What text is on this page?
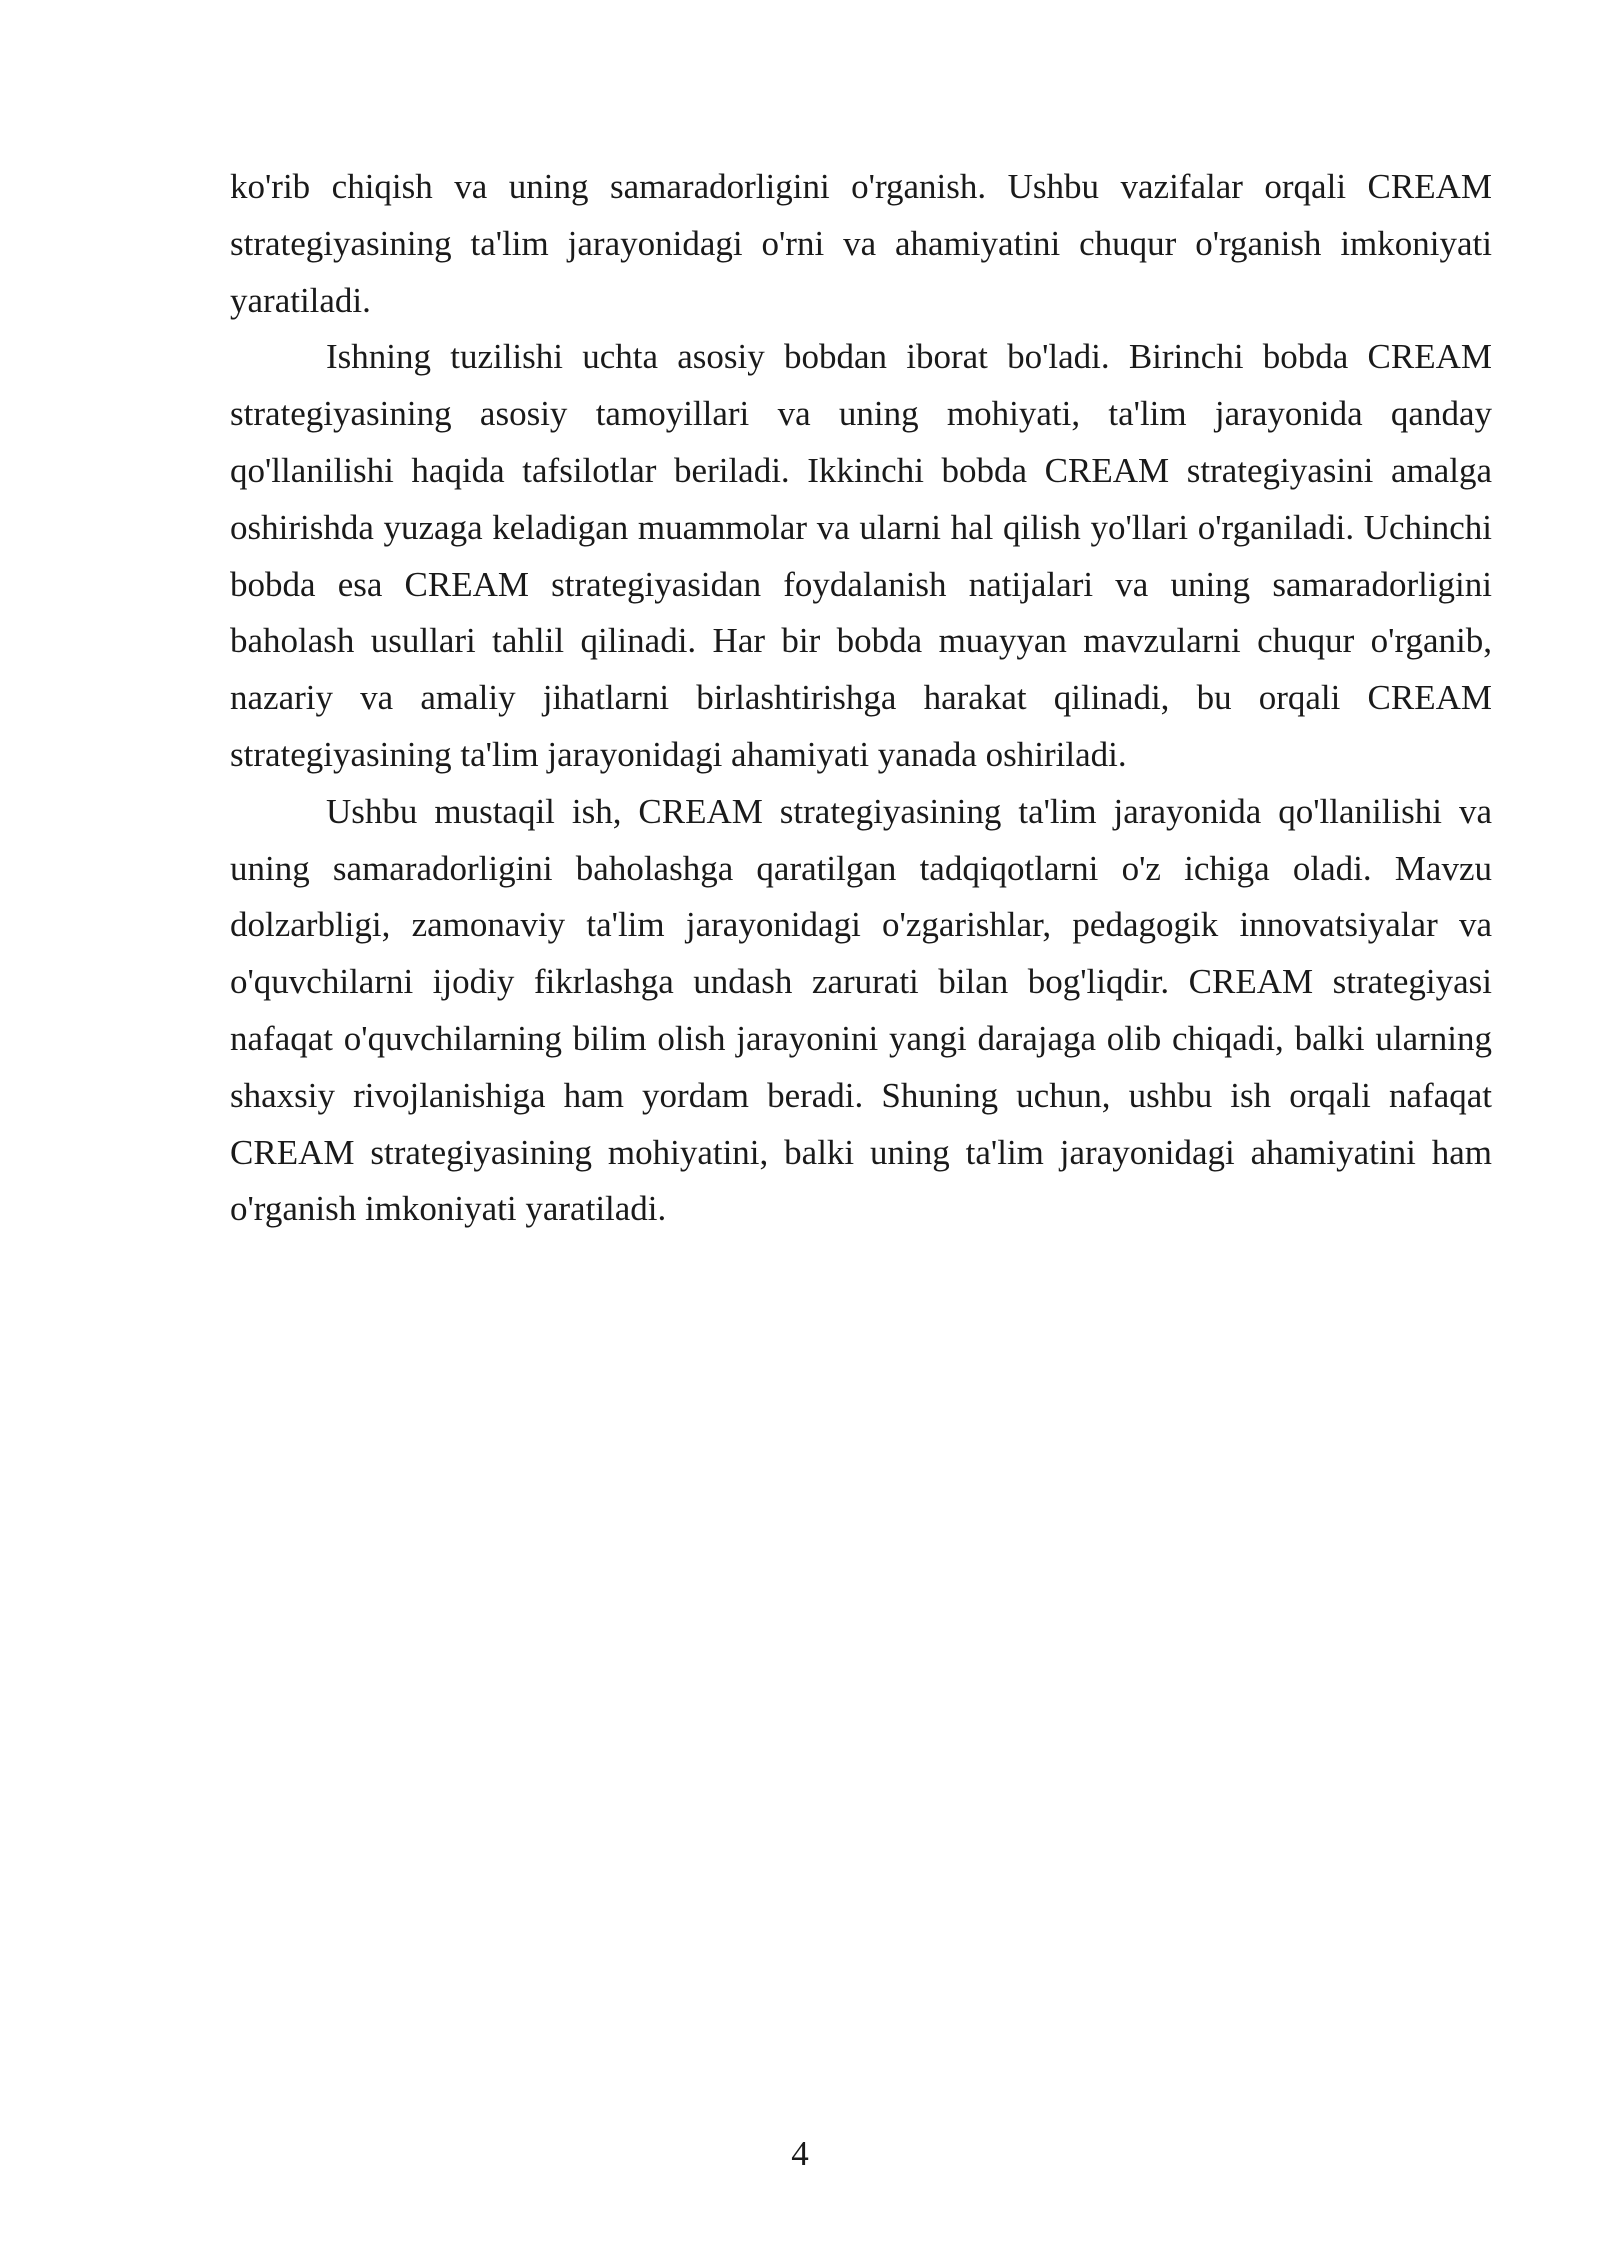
ko'rib chiqish va uning samaradorligini o'rganish. Ushbu vazifalar orqali CREAM strategiyasining ta'lim jarayonidagi o'rni va ahamiyatini chuqur o'rganish imkoniyati yaratiladi.

Ishning tuzilishi uchta asosiy bobdan iborat bo'ladi. Birinchi bobda CREAM strategiyasining asosiy tamoyillari va uning mohiyati, ta'lim jarayonida qanday qo'llanilishi haqida tafsilotlar beriladi. Ikkinchi bobda CREAM strategiyasini amalga oshirishda yuzaga keladigan muammolar va ularni hal qilish yo'llari o'rganiladi. Uchinchi bobda esa CREAM strategiyasidan foydalanish natijalari va uning samaradorligini baholash usullari tahlil qilinadi. Har bir bobda muayyan mavzularni chuqur o'rganib, nazariy va amaliy jihatlarni birlashtirishga harakat qilinadi, bu orqali CREAM strategiyasining ta'lim jarayonidagi ahamiyati yanada oshiriladi.

Ushbu mustaqil ish, CREAM strategiyasining ta'lim jarayonida qo'llanilishi va uning samaradorligini baholashga qaratilgan tadqiqotlarni o'z ichiga oladi. Mavzu dolzarbligi, zamonaviy ta'lim jarayonidagi o'zgarishlar, pedagogik innovatsiyalar va o'quvchilarni ijodiy fikrlashga undash zarurati bilan bog'liqdir. CREAM strategiyasi nafaqat o'quvchilarning bilim olish jarayonini yangi darajaga olib chiqadi, balki ularning shaxsiy rivojlanishiga ham yordam beradi. Shuning uchun, ushbu ish orqali nafaqat CREAM strategiyasining mohiyatini, balki uning ta'lim jarayonidagi ahamiyatini ham o'rganish imkoniyati yaratiladi.

4
